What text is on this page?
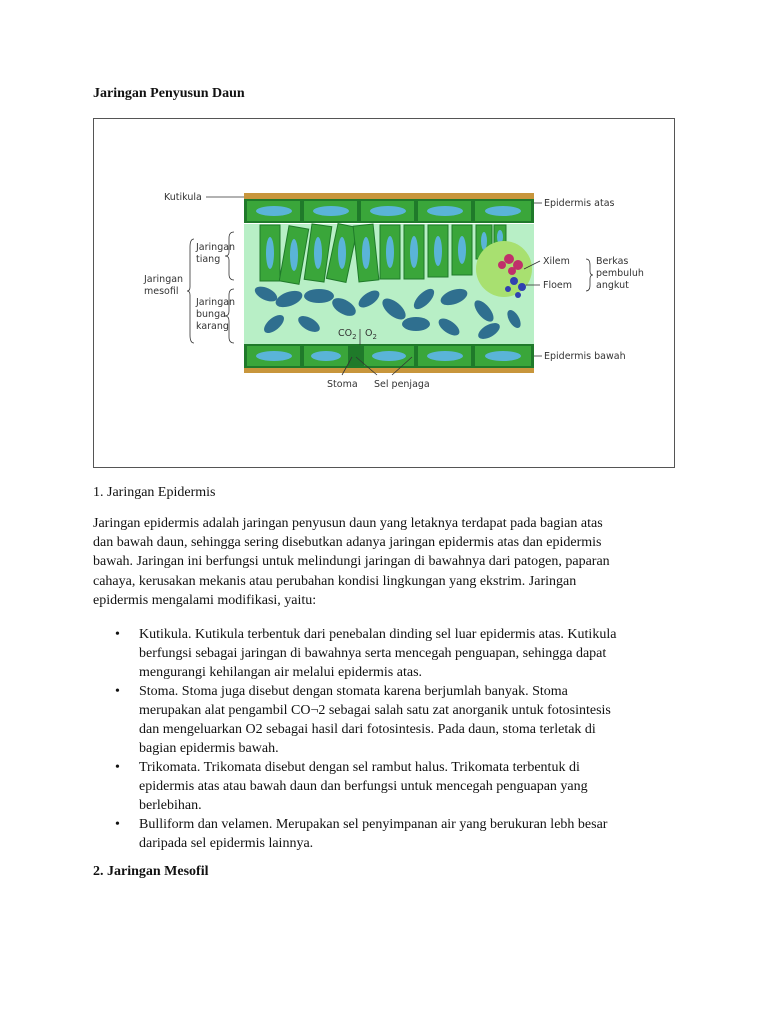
Jaringan Penyusun Daun
Kutikula
Epidermis atas
Jaringan
tiang
Jaringan
mesofil
Jaringan
bunga
karang
Xilem
Floem
Berkas
pembuluh
angkut
$CO_2$ $O_2$
Epidermis bawah
Stoma Sel penjaga
1. Jaringan Epidermis

Jaringan epidermis adalah jaringan penyusun daun yang letaknya terdapat pada bagian atas
dan bawah daun, sehingga sering disebutkan adanya jaringan epidermis atas dan epidermis
bawah. Jaringan ini berfungsi untuk melindungi jaringan di bawahnya dari patogen, paparan
cahaya, kerusakan mekanis atau perubahan kondisi lingkungan yang ekstrim. Jaringan
epidermis mengalami modifikasi, yaitu:

• Kutikula. Kutikula terbentuk dari penebalan dinding sel luar epidermis atas. Kutikula
berfungsi sebagai jaringan di bawahnya serta mencegah penguapan, sehingga dapat
mengurangi kehilangan air melalui epidermis atas.
• Stoma. Stoma juga disebut dengan stomata karena berjumlah banyak. Stoma
merupakan alat pengambil CO¬2 sebagai salah satu zat anorganik untuk fotosintesis
dan mengeluarkan O2 sebagai hasil dari fotosintesis. Pada daun, stoma terletak di
bagian epidermis bawah.
• Trikomata. Trikomata disebut dengan sel rambut halus. Trikomata terbentuk di
epidermis atas atau bawah daun dan berfungsi untuk mencegah penguapan yang
berlebihan.
• Bulliform dan velamen. Merupakan sel penyimpanan air yang berukuran lebh besar
daripada sel epidermis lainnya.
2. Jaringan Mesofil
